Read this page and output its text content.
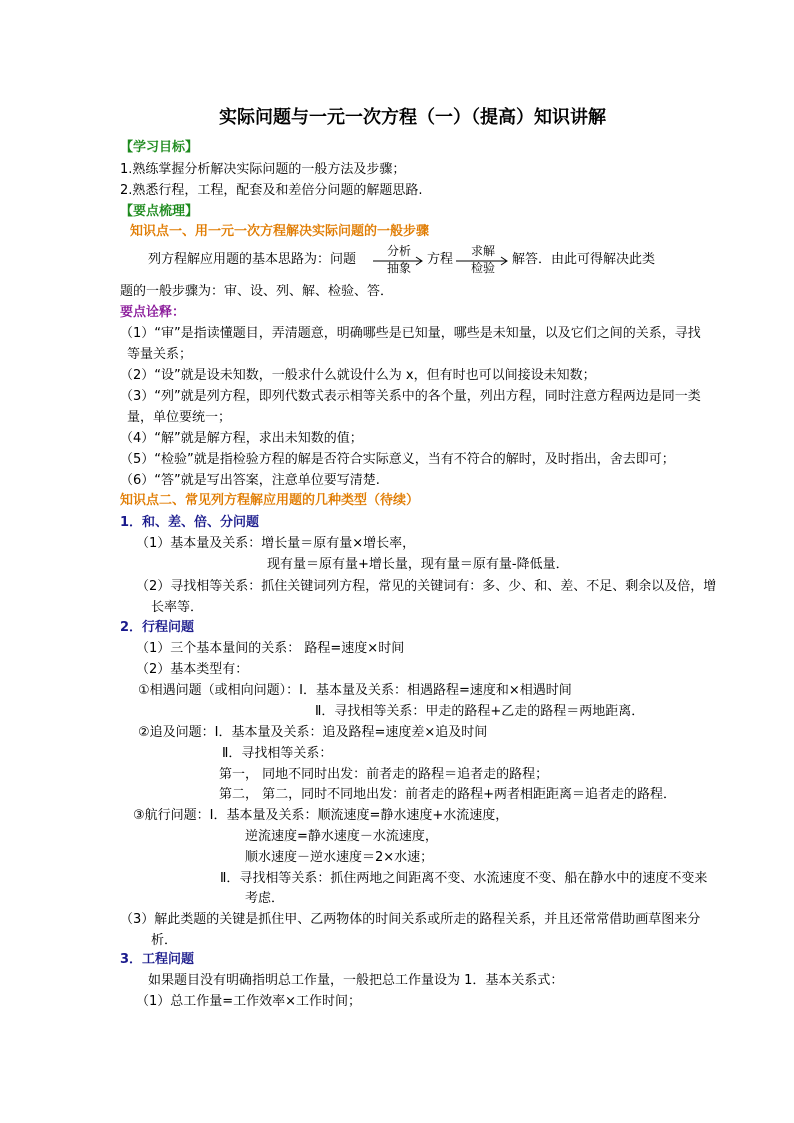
实际问题与一元一次方程（一）（提高）知识讲解
【学习目标】
1.熟练掌握分析解决实际问题的一般方法及步骤；
2.熟悉行程，工程，配套及和差倍分问题的解题思路.
【要点梳理】
知识点一、用一元一次方程解决实际问题的一般步骤
列方程解应用题的基本思路为：问题
分析
抽象
方程
求解
检验
解答．由此可得解决此类
题的一般步骤为：审、设、列、解、检验、答．
要点诠释：
（1）“审”是指读懂题目，弄清题意，明确哪些是已知量，哪些是未知量，以及它们之间的关系，寻找
等量关系；
（2）“设”就是设未知数，一般求什么就设什么为 x，但有时也可以间接设未知数；
（3）“列”就是列方程，即列代数式表示相等关系中的各个量，列出方程，同时注意方程两边是同一类
量，单位要统一；
（4）“解”就是解方程，求出未知数的值；
（5）“检验”就是指检验方程的解是否符合实际意义，当有不符合的解时，及时指出，舍去即可；
（6）“答”就是写出答案，注意单位要写清楚.
知识点二、常见列方程解应用题的几种类型（待续）
1．和、差、倍、分问题
（1）基本量及关系：增长量＝原有量×增长率，
现有量＝原有量+增长量，现有量＝原有量-降低量．
（2）寻找相等关系：抓住关键词列方程，常见的关键词有：多、少、和、差、不足、剩余以及倍，增
长率等．
2．行程问题
（1）三个基本量间的关系： 路程=速度×时间
（2）基本类型有：
①相遇问题（或相向问题）：Ⅰ．基本量及关系：相遇路程=速度和×相遇时间
Ⅱ．寻找相等关系：甲走的路程+乙走的路程＝两地距离．
②追及问题：Ⅰ．基本量及关系：追及路程=速度差×追及时间
Ⅱ．寻找相等关系：
第一， 同地不同时出发：前者走的路程＝追者走的路程；
第二， 第二，同时不同地出发：前者走的路程+两者相距距离＝追者走的路程．
③航行问题：Ⅰ．基本量及关系：顺流速度=静水速度+水流速度，
逆流速度=静水速度－水流速度，
顺水速度－逆水速度＝2×水速；
Ⅱ．寻找相等关系：抓住两地之间距离不变、水流速度不变、船在静水中的速度不变来
考虑．
（3）解此类题的关键是抓住甲、乙两物体的时间关系或所走的路程关系，并且还常常借助画草图来分
析．
3．工程问题
如果题目没有明确指明总工作量，一般把总工作量设为 1．基本关系式：
（1）总工作量=工作效率×工作时间；
